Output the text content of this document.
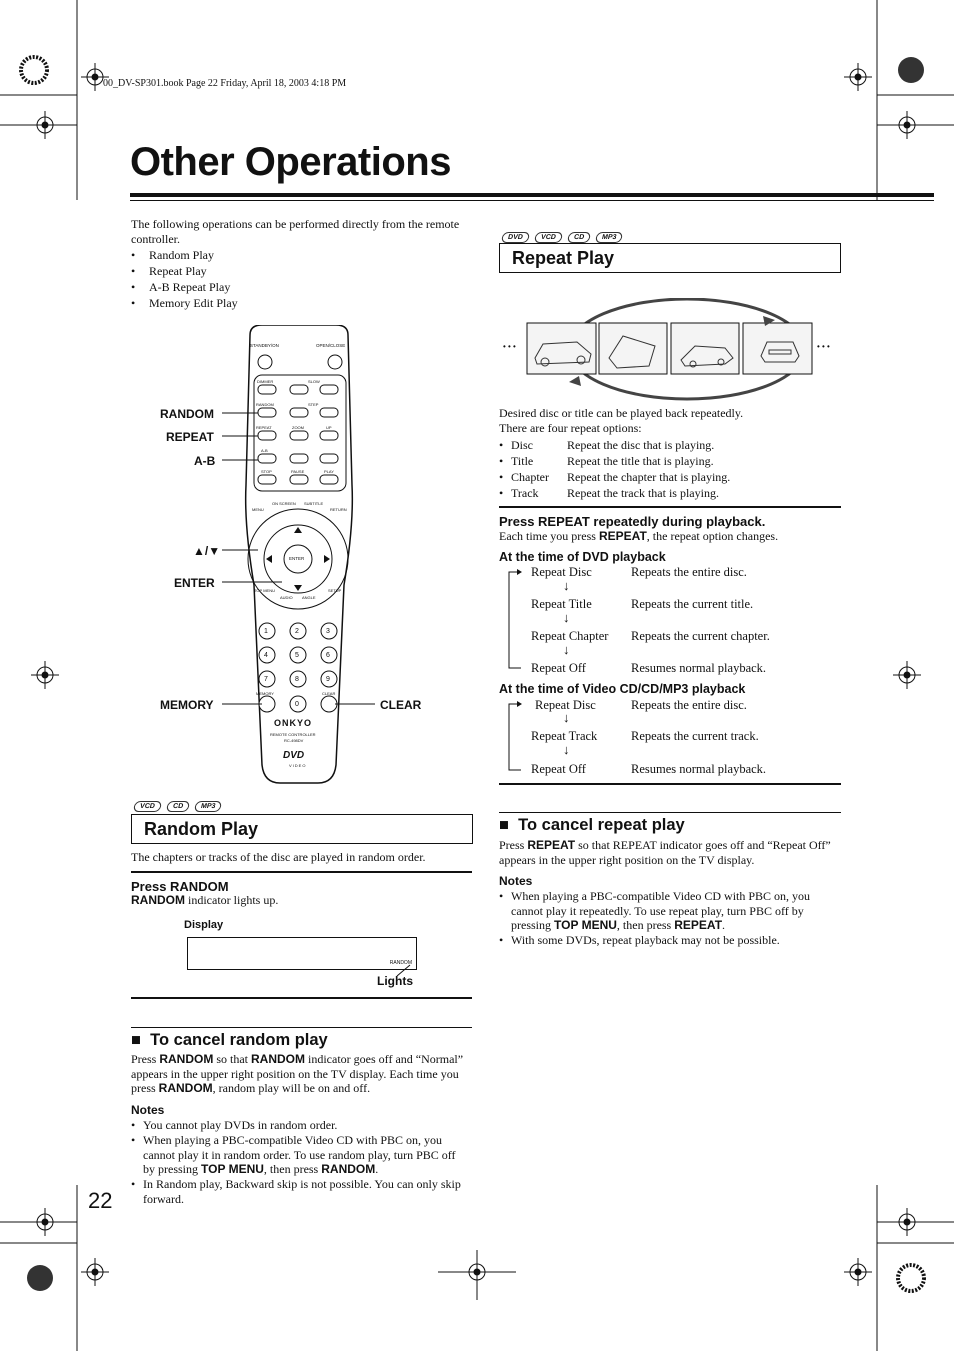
00_DV-SP301.book Page 22 Friday, April 18, 2003 4:18 PM
Other Operations
The following operations can be performed directly from the remote controller.
• Random Play
• Repeat Play
• A-B Repeat Play
• Memory Edit Play
STANDBY/ON	OPEN/CLOSE
DIMMER	SLOW
RANDOM	STEP
REPEAT	ZOOM	UP
A-B
STOP	PAUSE	PLAY
MENU
ON SCREEN SUBTITLE
RETURN
ENTER
TOP MENU
AUDIO ANGLE
SETUP
1	2	3
4	5	6
7	8	9
0
MEMORY	CLEAR
ONKYO
REMOTE CONTROLLER
RC-498DV
DVD
VIDEO
RANDOM
REPEAT
A-B
▲/▼
ENTER
MEMORY	CLEAR
VCD CD MP3
Random Play
The chapters or tracks of the disc are played in random order.
Press RANDOM
RANDOM indicator lights up.
Display
RANDOM
Lights
■ To cancel random play
Press RANDOM so that RANDOM indicator goes off and “Normal” appears in the upper right position on the TV display. Each time you press RANDOM, random play will be on and off.
Notes
• You cannot play DVDs in random order.
• When playing a PBC-compatible Video CD with PBC on, you cannot play it in random order. To use random play, turn PBC off by pressing TOP MENU, then press RANDOM.
• In Random play, Backward skip is not possible. You can only skip forward.
22
DVD VCD CD MP3
Repeat Play
• • •	• • •
Desired disc or title can be played back repeatedly.
There are four repeat options:
• Disc	Repeat the disc that is playing.
• Title	Repeat the title that is playing.
• Chapter Repeat the chapter that is playing.
• Track Repeat the track that is playing.
Press REPEAT repeatedly during playback.
Each time you press REPEAT, the repeat option changes.
At the time of DVD playback
Repeat Disc	Repeats the entire disc.
↓
Repeat Title	Repeats the current title.
↓
Repeat Chapter Repeats the current chapter.
↓
Repeat Off	Resumes normal playback.
At the time of Video CD/CD/MP3 playback
Repeat Disc	Repeats the entire disc.
↓
Repeat Track	Repeats the current track.
↓
Repeat Off	Resumes normal playback.
■ To cancel repeat play
Press REPEAT so that REPEAT indicator goes off and “Repeat Off” appears in the upper right position on the TV display.
Notes
• When playing a PBC-compatible Video CD with PBC on, you cannot play it repeatedly. To use repeat play, turn PBC off by pressing TOP MENU, then press REPEAT.
• With some DVDs, repeat playback may not be possible.
